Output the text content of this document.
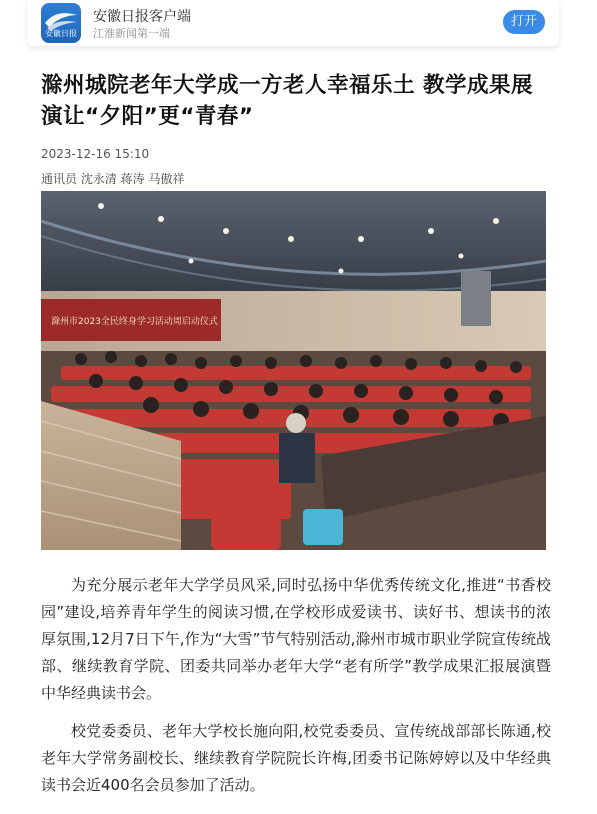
安徽日报
安徽日报客户端
江淮新闻第一端
打开
滁州城院老年大学成一方老人幸福乐土 教学成果展演让“夕阳”更“青春”
2023-12-16 15:10
通讯员 沈永清 蒋涛 马傲祥
滁州市2023全民终身学习活动周启动仪式

为充分展示老年大学学员风采,同时弘扬中华优秀传统文化,推进“书香校园”建设,培养青年学生的阅读习惯,在学校形成爱读书、读好书、想读书的浓厚氛围,12月7日下午,作为“大雪”节气特别活动,滁州市城市职业学院宣传统战部、继续教育学院、团委共同举办老年大学“老有所学”教学成果汇报展演暨中华经典读书会。

校党委委员、老年大学校长施向阳,校党委委员、宣传统战部部长陈通,校老年大学常务副校长、继续教育学院院长许梅,团委书记陈婷婷以及中华经典读书会近400名会员参加了活动。
